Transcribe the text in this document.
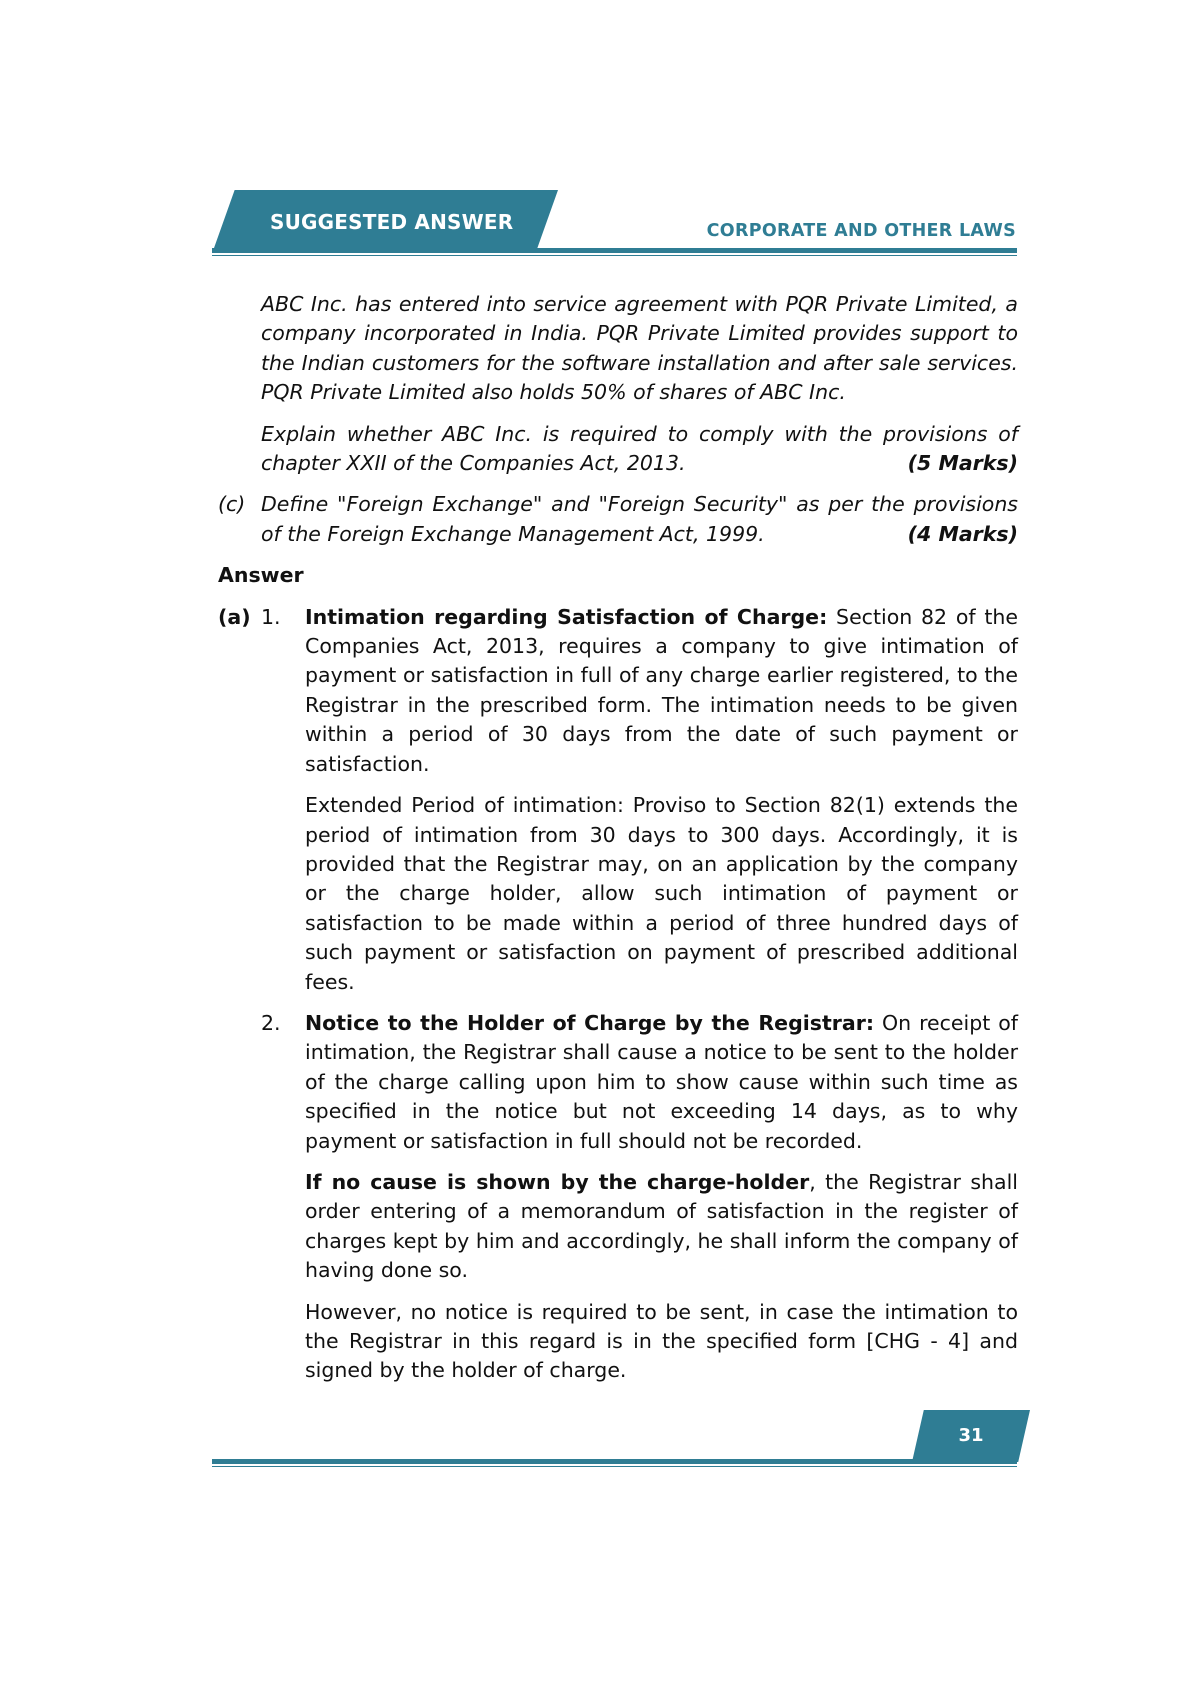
SUGGESTED ANSWER	CORPORATE AND OTHER LAWS

ABC Inc. has entered into service agreement with PQR Private Limited, a company incorporated in India. PQR Private Limited provides support to the Indian customers for the software installation and after sale services. PQR Private Limited also holds 50% of shares of ABC Inc.

Explain whether ABC Inc. is required to comply with the provisions of chapter XXII of the Companies Act, 2013.	(5 Marks)

(c) Define "Foreign Exchange" and "Foreign Security" as per the provisions of the Foreign Exchange Management Act, 1999.	(4 Marks)
Answer
(a) 1.	Intimation regarding Satisfaction of Charge: Section 82 of the Companies Act, 2013, requires a company to give intimation of payment or satisfaction in full of any charge earlier registered, to the Registrar in the prescribed form. The intimation needs to be given within a period of 30 days from the date of such payment or satisfaction.

Extended Period of intimation: Proviso to Section 82(1) extends the period of intimation from 30 days to 300 days. Accordingly, it is provided that the Registrar may, on an application by the company or the charge holder, allow such intimation of payment or satisfaction to be made within a period of three hundred days of such payment or satisfaction on payment of prescribed additional fees.

2.	Notice to the Holder of Charge by the Registrar: On receipt of intimation, the Registrar shall cause a notice to be sent to the holder of the charge calling upon him to show cause within such time as specified in the notice but not exceeding 14 days, as to why payment or satisfaction in full should not be recorded.

If no cause is shown by the charge-holder, the Registrar shall order entering of a memorandum of satisfaction in the register of charges kept by him and accordingly, he shall inform the company of having done so.

However, no notice is required to be sent, in case the intimation to the Registrar in this regard is in the specified form [CHG - 4] and signed by the holder of charge.

31
